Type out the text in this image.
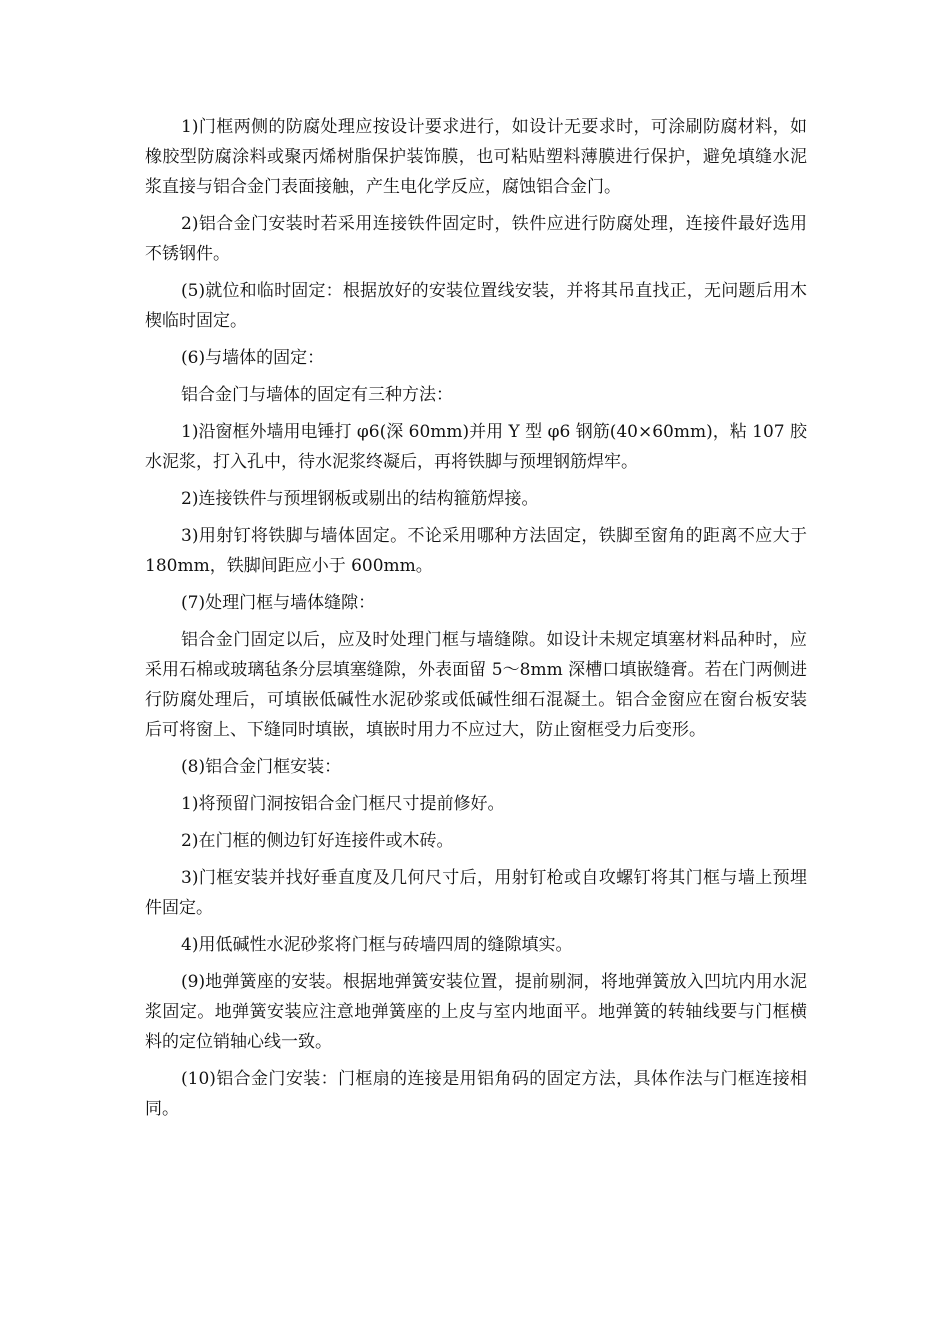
1)门框两侧的防腐处理应按设计要求进行，如设计无要求时，可涂刷防腐材料，如橡胶型防腐涂料或聚丙烯树脂保护装饰膜，也可粘贴塑料薄膜进行保护，避免填缝水泥浆直接与铝合金门表面接触，产生电化学反应，腐蚀铝合金门。

2)铝合金门安装时若采用连接铁件固定时，铁件应进行防腐处理，连接件最好选用不锈钢件。

(5)就位和临时固定：根据放好的安装位置线安装，并将其吊直找正，无问题后用木楔临时固定。

(6)与墙体的固定：

铝合金门与墙体的固定有三种方法：

1)沿窗框外墙用电锤打 φ6(深 60mm)并用 Y 型 φ6 钢筋(40×60mm)，粘 107 胶水泥浆，打入孔中，待水泥浆终凝后，再将铁脚与预埋钢筋焊牢。

2)连接铁件与预埋钢板或剔出的结构箍筋焊接。

3)用射钉将铁脚与墙体固定。不论采用哪种方法固定，铁脚至窗角的距离不应大于 180mm，铁脚间距应小于 600mm。

(7)处理门框与墙体缝隙：

铝合金门固定以后，应及时处理门框与墙缝隙。如设计未规定填塞材料品种时，应采用石棉或玻璃毡条分层填塞缝隙，外表面留 5～8mm 深槽口填嵌缝膏。若在门两侧进行防腐处理后，可填嵌低碱性水泥砂浆或低碱性细石混凝土。铝合金窗应在窗台板安装后可将窗上、下缝同时填嵌，填嵌时用力不应过大，防止窗框受力后变形。

(8)铝合金门框安装：

1)将预留门洞按铝合金门框尺寸提前修好。

2)在门框的侧边钉好连接件或木砖。

3)门框安装并找好垂直度及几何尺寸后，用射钉枪或自攻螺钉将其门框与墙上预埋件固定。

4)用低碱性水泥砂浆将门框与砖墙四周的缝隙填实。

(9)地弹簧座的安装。根据地弹簧安装位置，提前剔洞，将地弹簧放入凹坑内用水泥浆固定。地弹簧安装应注意地弹簧座的上皮与室内地面平。地弹簧的转轴线要与门框横料的定位销轴心线一致。

(10)铝合金门安装：门框扇的连接是用铝角码的固定方法，具体作法与门框连接相同。
